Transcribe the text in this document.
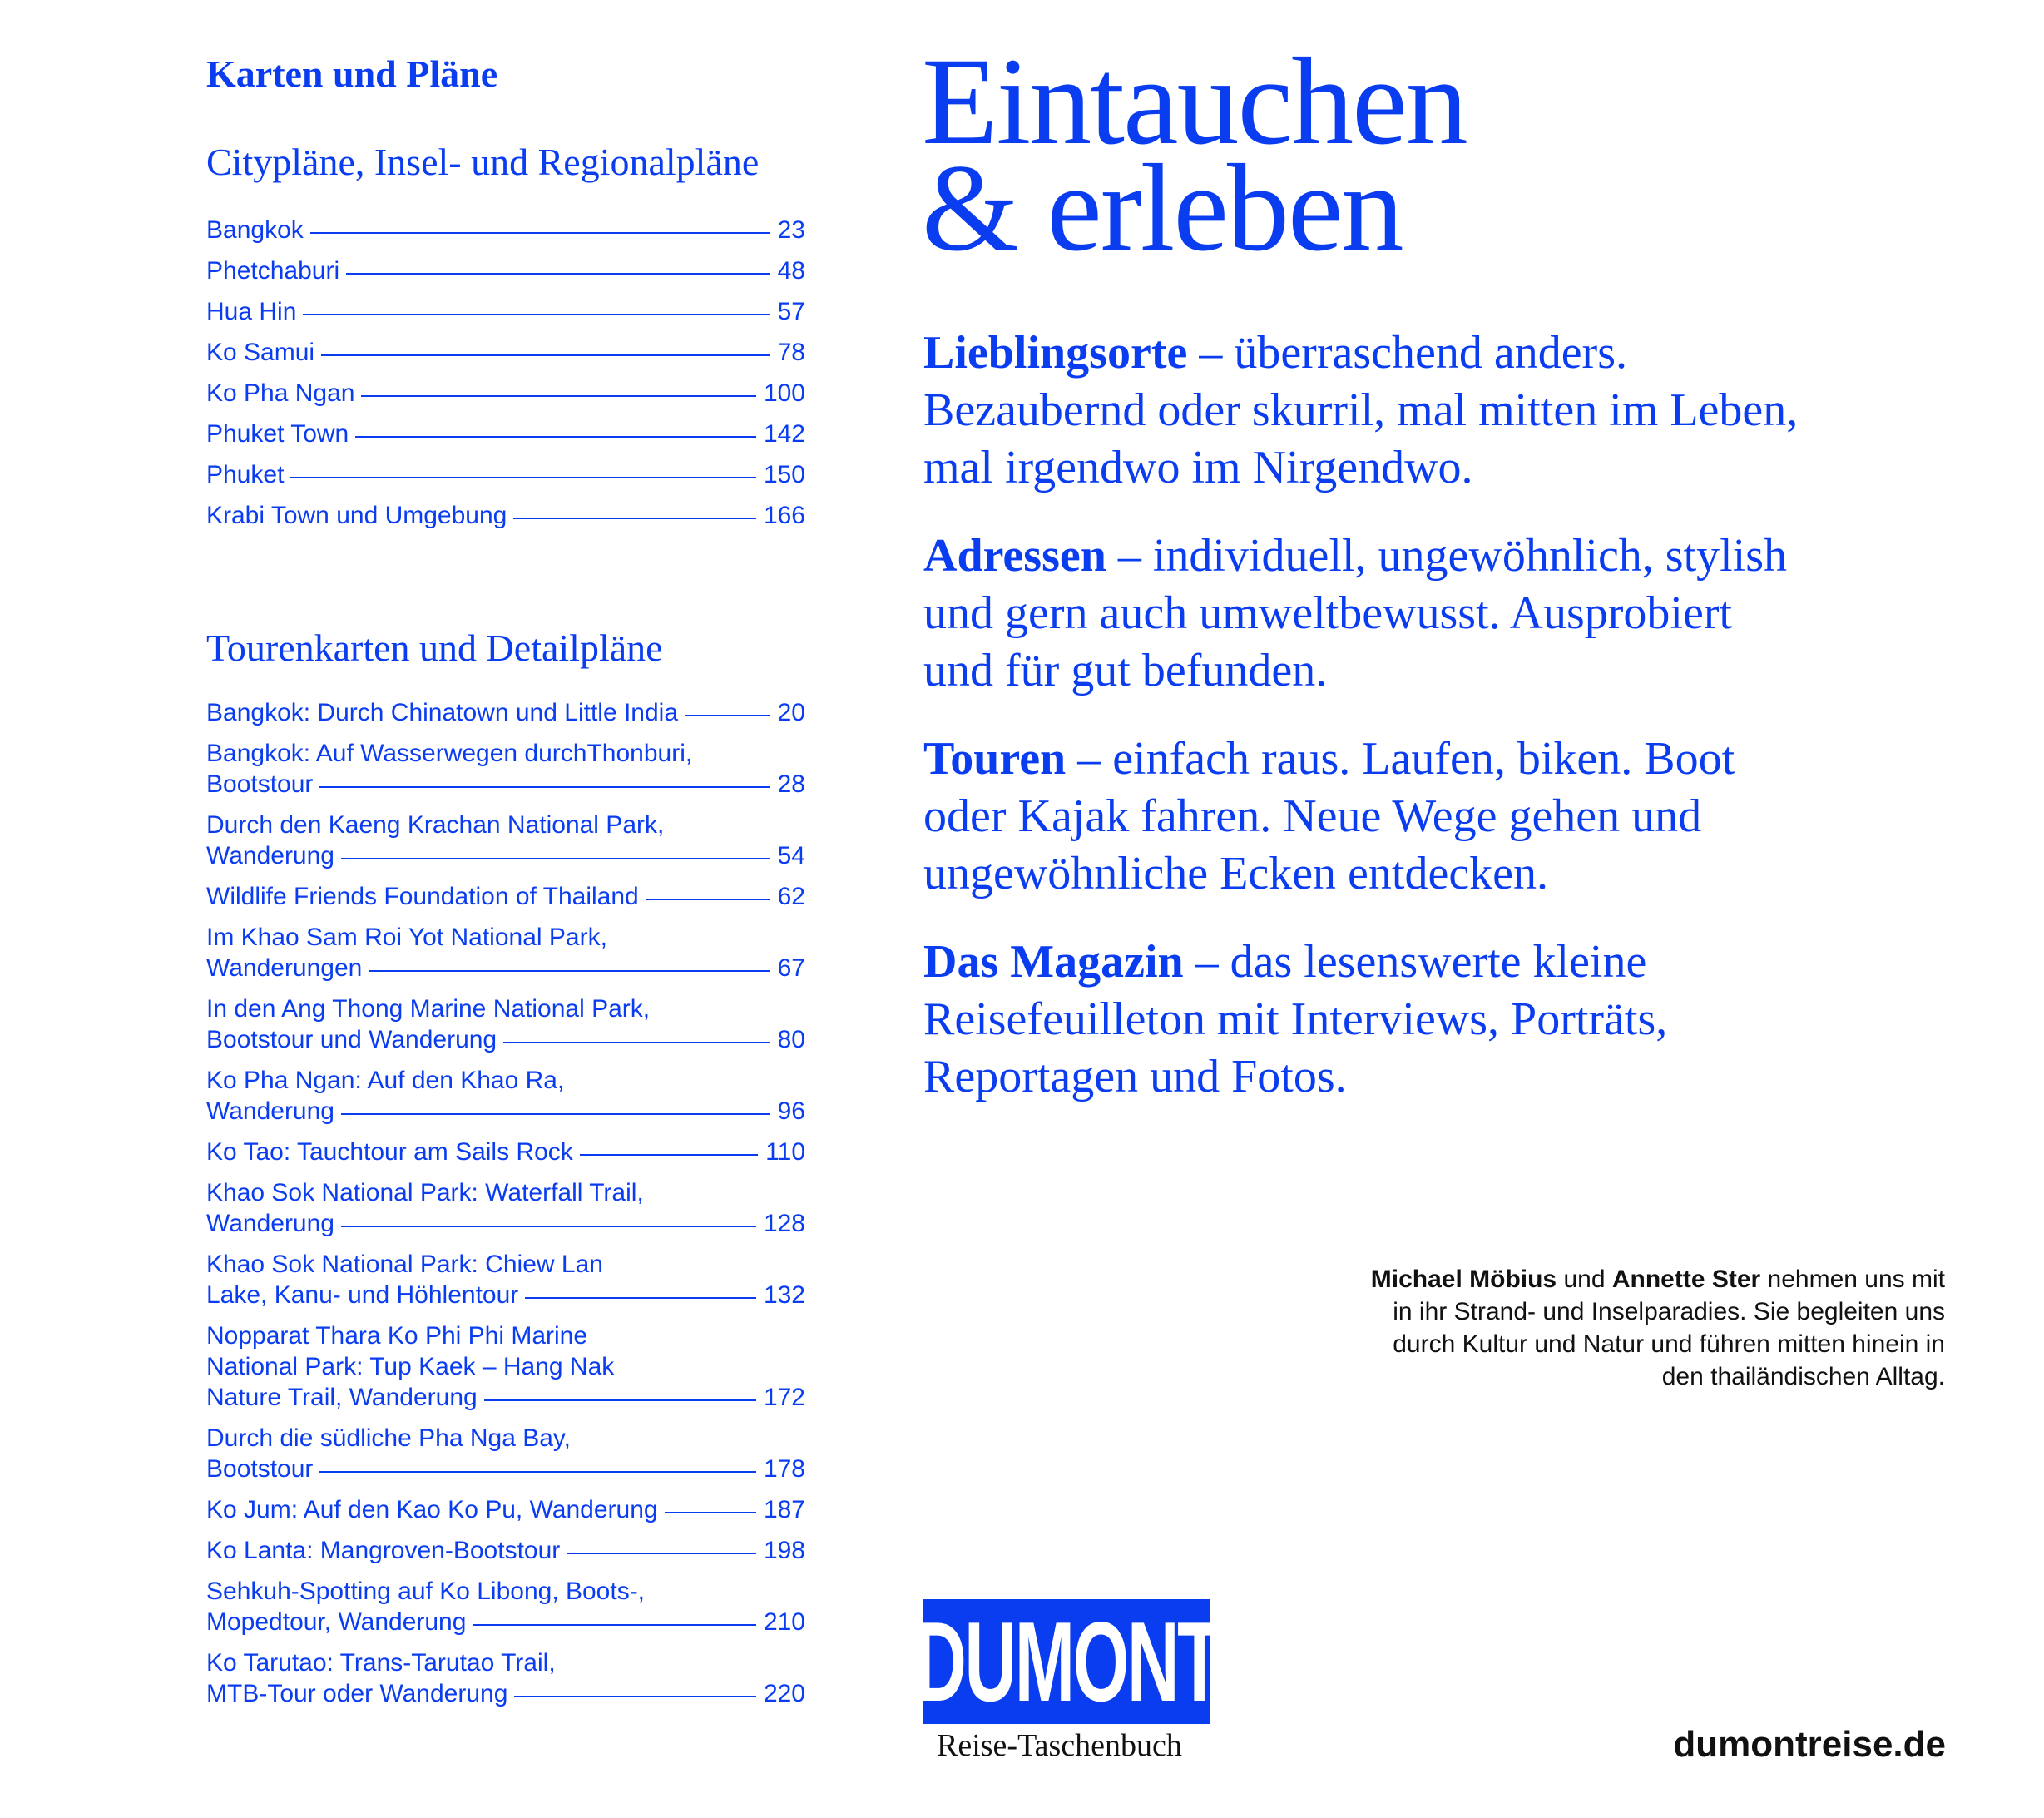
Karten und Pläne
Citypläne, Insel- und Regionalpläne
Bangkok	23
Phetchaburi	48
Hua Hin	57
Ko Samui	78
Ko Pha Ngan	100
Phuket Town	142
Phuket	150
Krabi Town und Umgebung	166
Tourenkarten und Detailpläne
Bangkok: Durch Chinatown und Little India	20
Bangkok: Auf Wasserwegen durchThonburi,
Bootstour	28
Durch den Kaeng Krachan National Park,
Wanderung	54
Wildlife Friends Foundation of Thailand	62
Im Khao Sam Roi Yot National Park,
Wanderungen	67
In den Ang Thong Marine National Park,
Bootstour und Wanderung	80
Ko Pha Ngan: Auf den Khao Ra,
Wanderung	96
Ko Tao: Tauchtour am Sails Rock	110
Khao Sok National Park: Waterfall Trail,
Wanderung	128
Khao Sok National Park: Chiew Lan
Lake, Kanu- und Höhlentour	132
Nopparat Thara Ko Phi Phi Marine
National Park: Tup Kaek – Hang Nak
Nature Trail, Wanderung	172
Durch die südliche Pha Nga Bay,
Bootstour	178
Ko Jum: Auf den Kao Ko Pu, Wanderung	187
Ko Lanta: Mangroven-Bootstour	198
Sehkuh-Spotting auf Ko Libong, Boots-,
Mopedtour, Wanderung	210
Ko Tarutao: Trans-Tarutao Trail,
MTB-Tour oder Wanderung	220
Eintauchen
& erleben
Lieblingsorte – überraschend anders. Bezaubernd oder skurril, mal mitten im Leben, mal irgendwo im Nirgendwo.
Adressen – individuell, ungewöhnlich, stylish und gern auch umweltbewusst. Ausprobiert und für gut befunden.
Touren – einfach raus. Laufen, biken. Boot oder Kajak fahren. Neue Wege gehen und ungewöhnliche Ecken entdecken.
Das Magazin – das lesenswerte kleine Reisefeuilleton mit Interviews, Porträts, Reportagen und Fotos.
Michael Möbius und Annette Ster nehmen uns mit in ihr Strand- und Inselparadies. Sie begleiten uns durch Kultur und Natur und führen mitten hinein in den thailändischen Alltag.
DUMONT
Reise-Taschenbuch	dumontreise.de
